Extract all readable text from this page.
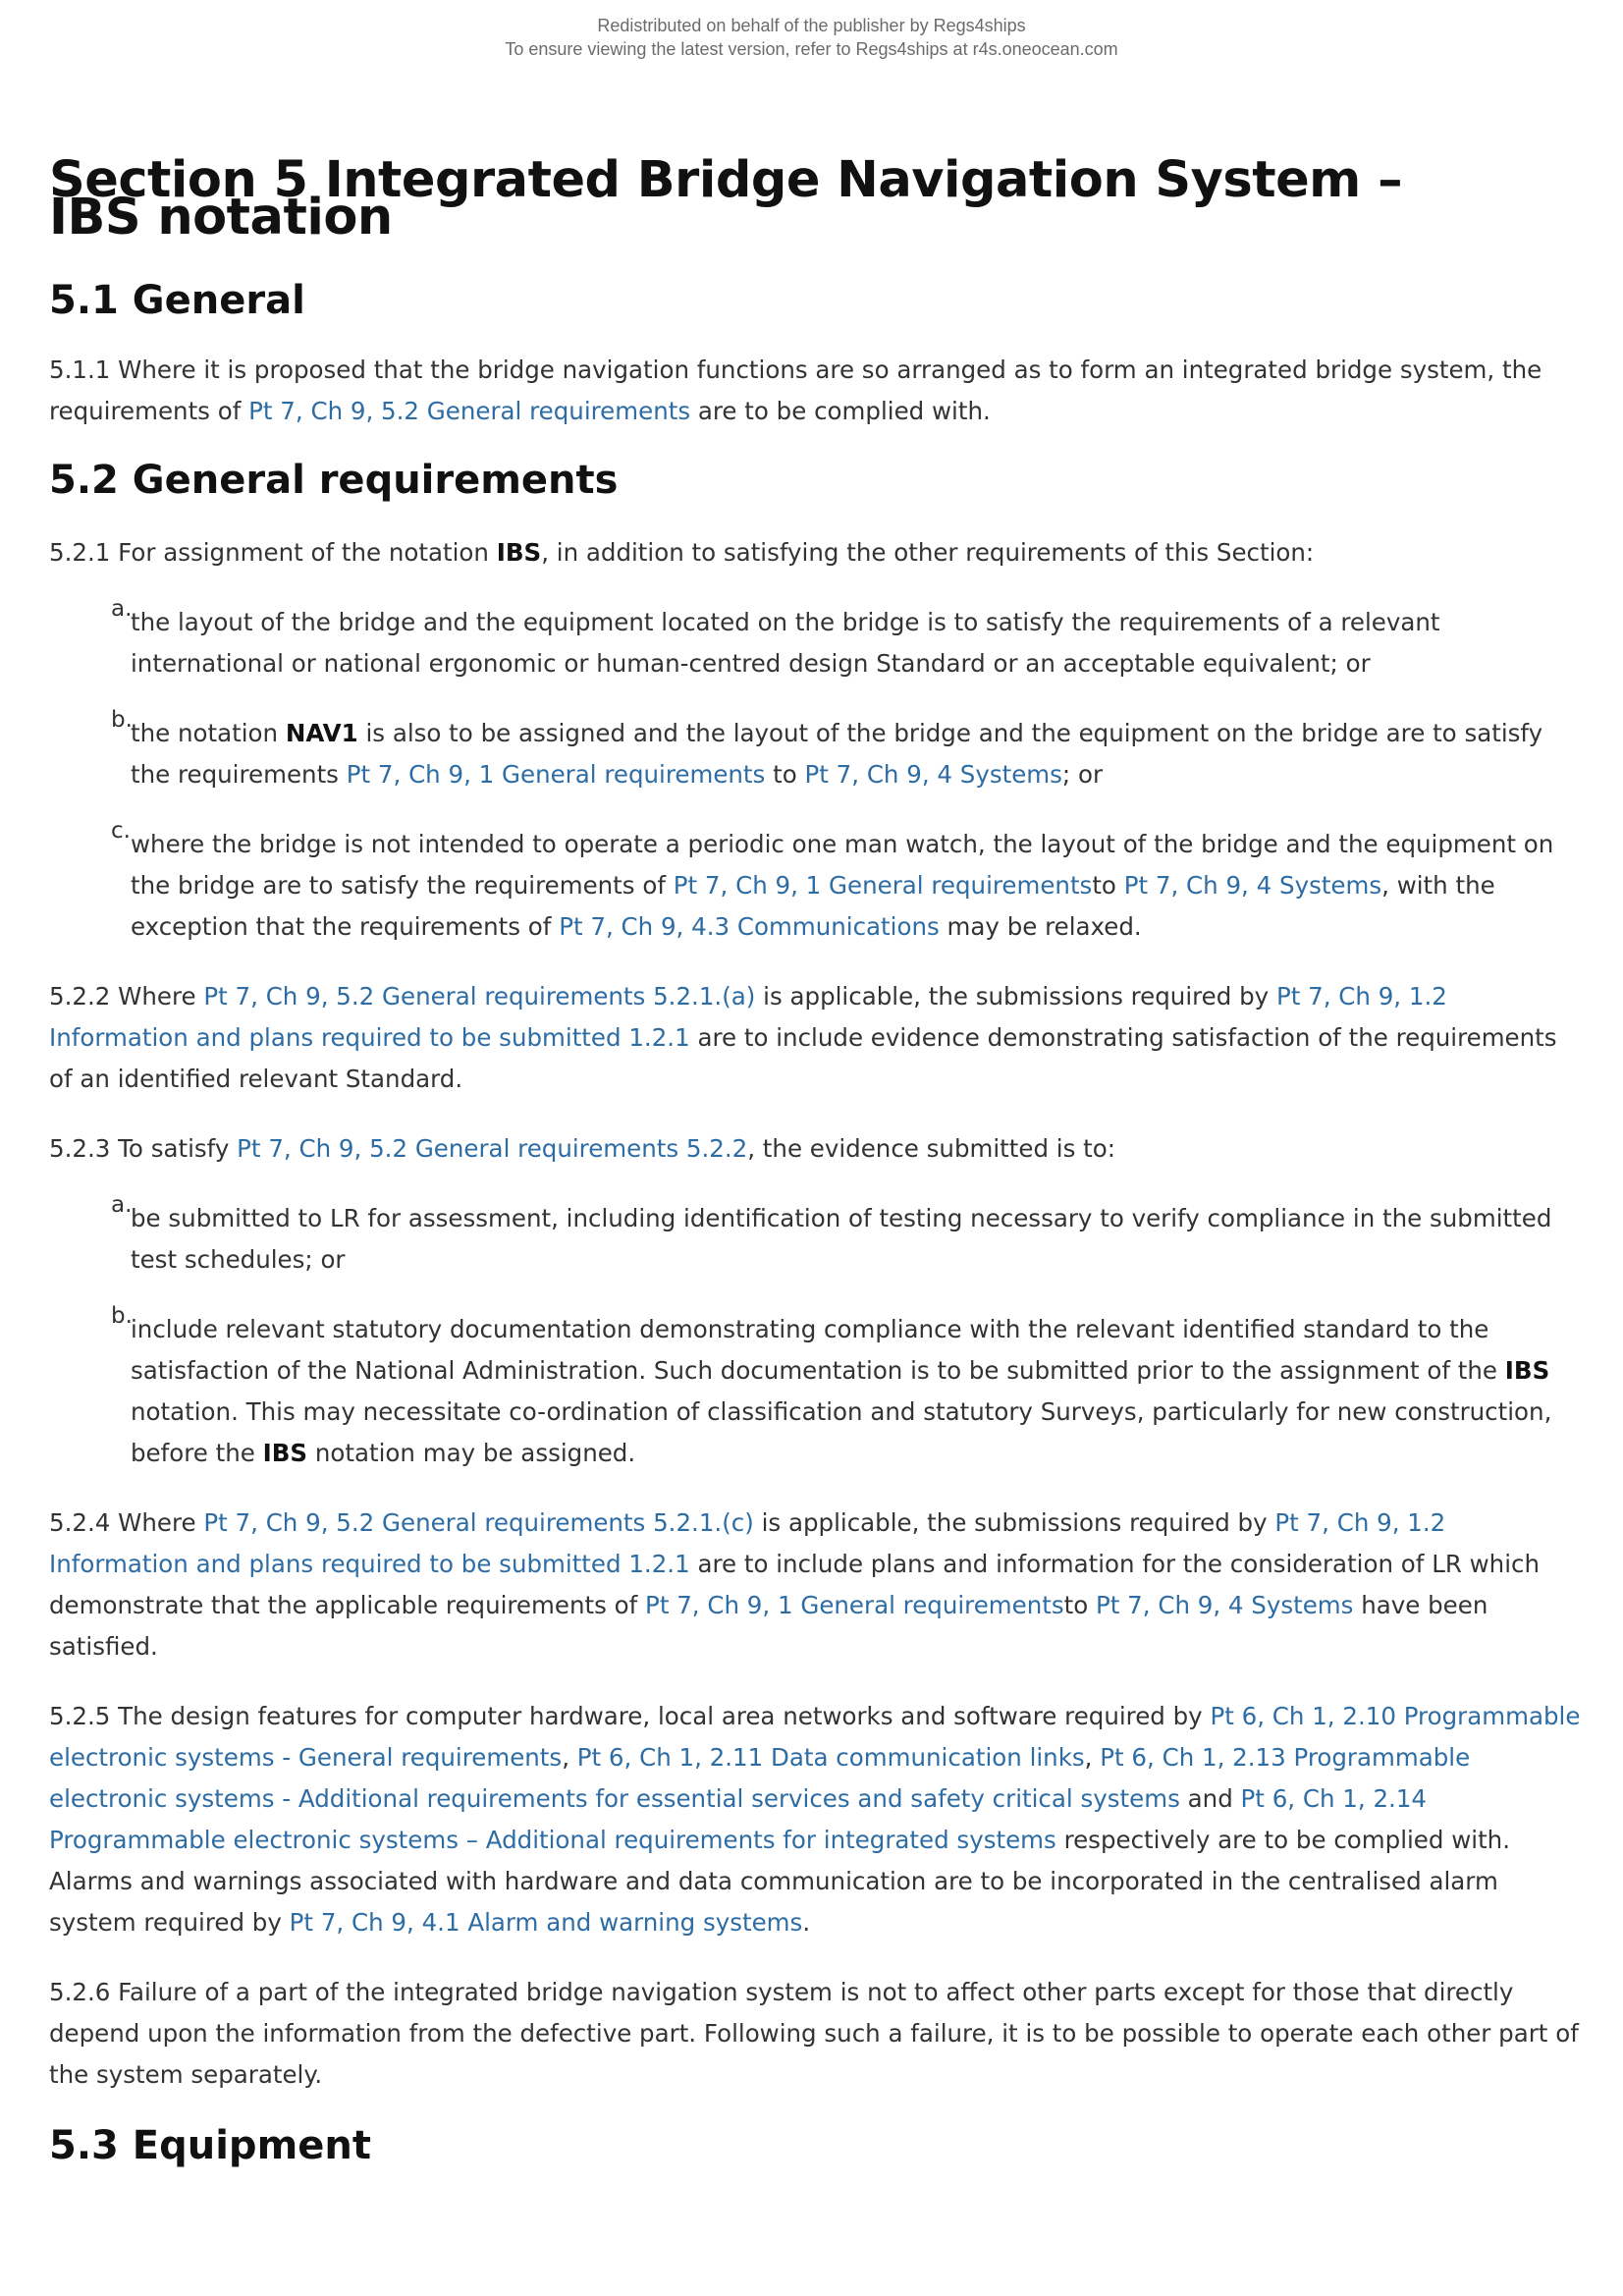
Redistributed on behalf of the publisher by Regs4ships
To ensure viewing the latest version, refer to Regs4ships at r4s.oneocean.com
Section 5 Integrated Bridge Navigation System – IBS notation
5.1 General

5.1.1 Where it is proposed that the bridge navigation functions are so arranged as to form an integrated bridge system, the requirements of Pt 7, Ch 9, 5.2 General requirements are to be complied with.

5.2 General requirements

5.2.1 For assignment of the notation IBS, in addition to satisfying the other requirements of this Section:

a.
the layout of the bridge and the equipment located on the bridge is to satisfy the requirements of a relevant international or national ergonomic or human-centred design Standard or an acceptable equivalent; or
b.
the notation NAV1 is also to be assigned and the layout of the bridge and the equipment on the bridge are to satisfy the requirements Pt 7, Ch 9, 1 General requirements to Pt 7, Ch 9, 4 Systems; or
c. where the bridge is not intended to operate a periodic one man watch, the layout of the bridge and the equipment on the bridge are to satisfy the requirements of Pt 7, Ch 9, 1 General requirementsto Pt 7, Ch 9, 4 Systems, with the exception that the requirements of Pt 7, Ch 9, 4.3 Communications may be relaxed.

5.2.2 Where Pt 7, Ch 9, 5.2 General requirements 5.2.1.(a) is applicable, the submissions required by Pt 7, Ch 9, 1.2 Information and plans required to be submitted 1.2.1 are to include evidence demonstrating satisfaction of the requirements of an identified relevant Standard.

5.2.3 To satisfy Pt 7, Ch 9, 5.2 General requirements 5.2.2, the evidence submitted is to:

a.
be submitted to LR for assessment, including identification of testing necessary to verify compliance in the submitted test schedules; or
b.
include relevant statutory documentation demonstrating compliance with the relevant identified standard to the satisfaction of the National Administration. Such documentation is to be submitted prior to the assignment of the IBS notation. This may necessitate co-ordination of classification and statutory Surveys, particularly for new construction, before the IBS notation may be assigned.

5.2.4 Where Pt 7, Ch 9, 5.2 General requirements 5.2.1.(c) is applicable, the submissions required by Pt 7, Ch 9, 1.2 Information and plans required to be submitted 1.2.1 are to include plans and information for the consideration of LR which demonstrate that the applicable requirements of Pt 7, Ch 9, 1 General requirementsto Pt 7, Ch 9, 4 Systems have been satisfied.

5.2.5 The design features for computer hardware, local area networks and software required by Pt 6, Ch 1, 2.10 Programmable electronic systems - General requirements, Pt 6, Ch 1, 2.11 Data communication links, Pt 6, Ch 1, 2.13 Programmable electronic systems - Additional requirements for essential services and safety critical systems and Pt 6, Ch 1, 2.14 Programmable electronic systems – Additional requirements for integrated systems respectively are to be complied with. Alarms and warnings associated with hardware and data communication are to be incorporated in the centralised alarm system required by Pt 7, Ch 9, 4.1 Alarm and warning systems.

5.2.6 Failure of a part of the integrated bridge navigation system is not to affect other parts except for those that directly depend upon the information from the defective part. Following such a failure, it is to be possible to operate each other part of the system separately.

5.3 Equipment
